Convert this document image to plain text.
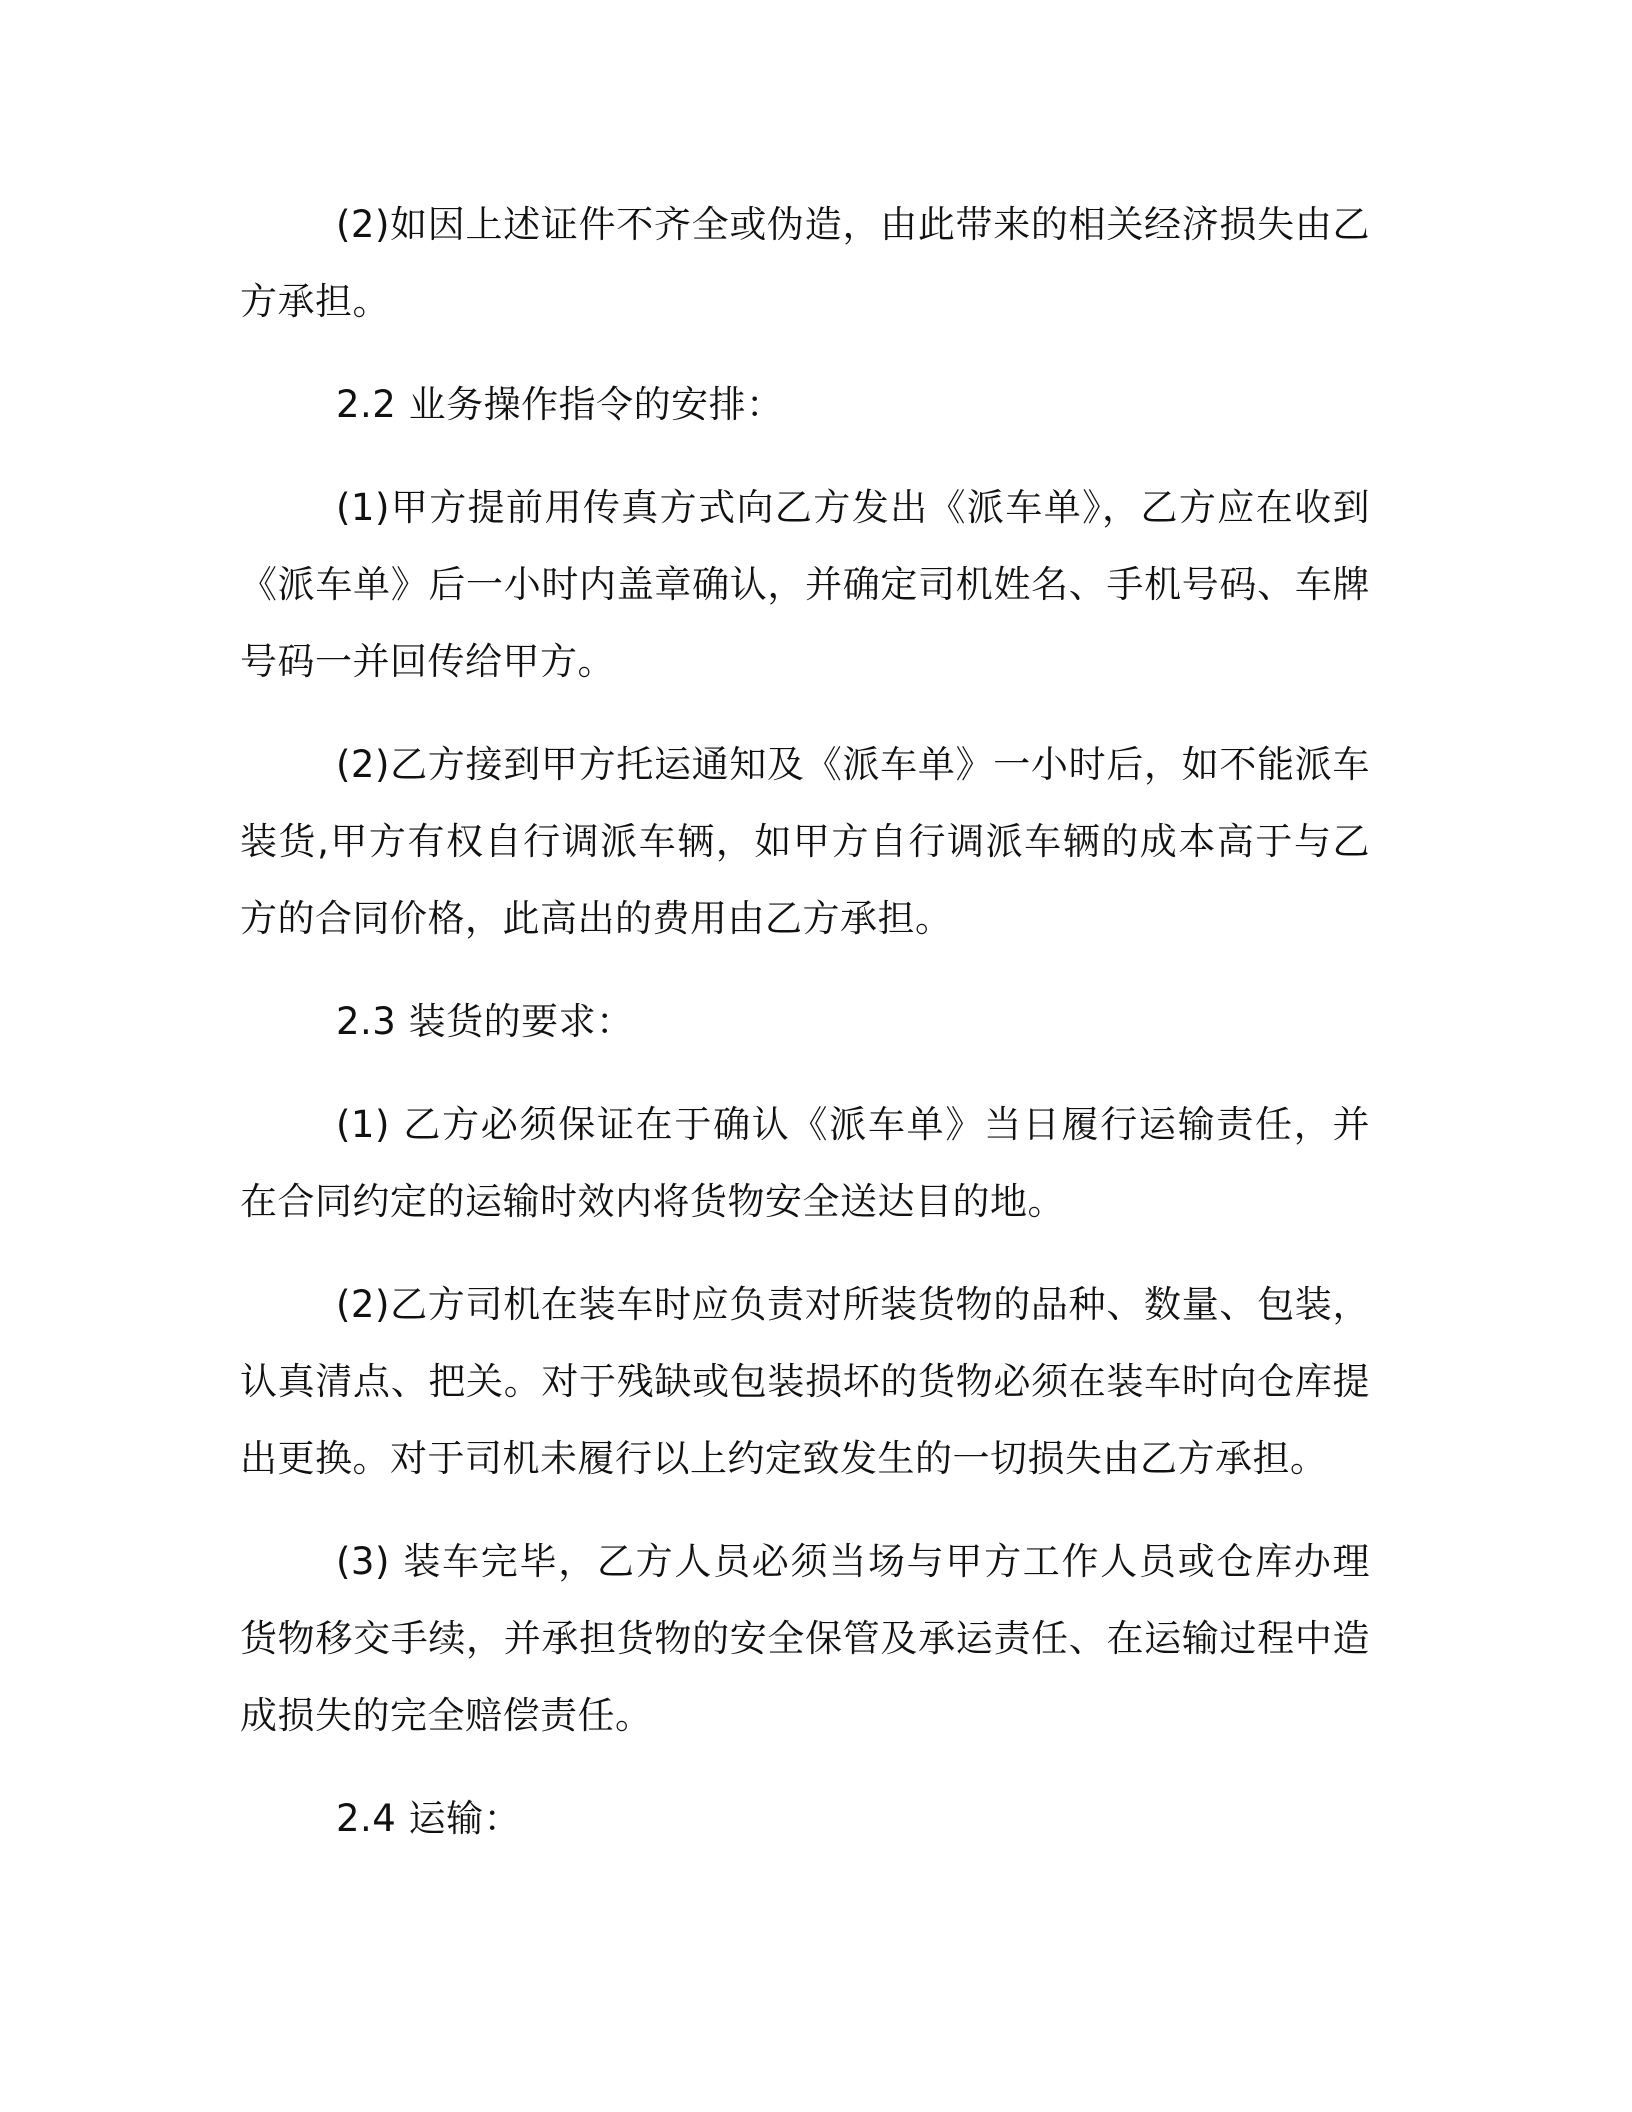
(2)如因上述证件不齐全或伪造，由此带来的相关经济损失由乙方承担。

2.2 业务操作指令的安排：

(1)甲方提前用传真方式向乙方发出《派车单》，乙方应在收到《派车单》后一小时内盖章确认，并确定司机姓名、手机号码、车牌号码一并回传给甲方。

(2)乙方接到甲方托运通知及《派车单》一小时后，如不能派车装货,甲方有权自行调派车辆，如甲方自行调派车辆的成本高于与乙方的合同价格，此高出的费用由乙方承担。

2.3 装货的要求：

(1) 乙方必须保证在于确认《派车单》当日履行运输责任，并在合同约定的运输时效内将货物安全送达目的地。

(2)乙方司机在装车时应负责对所装货物的品种、数量、包装，认真清点、把关。对于残缺或包装损坏的货物必须在装车时向仓库提出更换。对于司机未履行以上约定致发生的一切损失由乙方承担。

(3) 装车完毕，乙方人员必须当场与甲方工作人员或仓库办理货物移交手续，并承担货物的安全保管及承运责任、在运输过程中造成损失的完全赔偿责任。

2.4 运输：
